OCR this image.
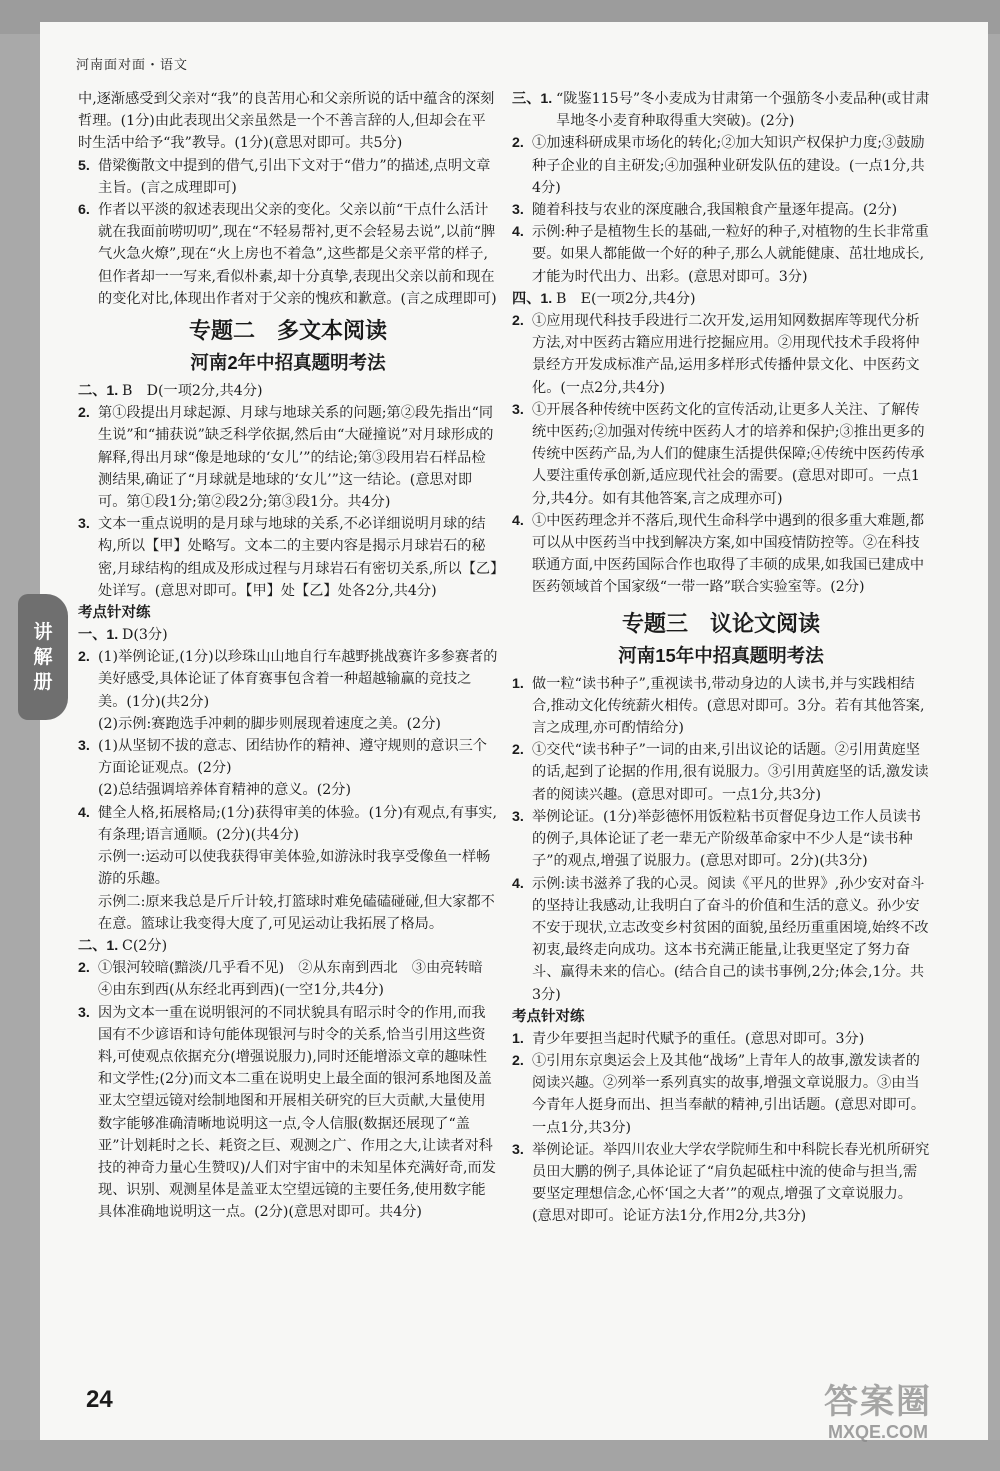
河南面对面・语文
讲
解
册

中,逐渐感受到父亲对“我”的良苦用心和父亲所说的话中蕴含的深刻哲理。(1分)由此表现出父亲虽然是一个不善言辞的人,但却会在平时生活中给予“我”教导。(1分)(意思对即可。共5分)

5. 借梁衡散文中提到的借气,引出下文对于“借力”的描述,点明文章主旨。(言之成理即可)
6. 作者以平淡的叙述表现出父亲的变化。父亲以前“干点什么活计就在我面前唠叨叨”,现在“不轻易帮衬,更不会轻易去说”,以前“脾气火急火燎”,现在“火上房也不着急”,这些都是父亲平常的样子,但作者却一一写来,看似朴素,却十分真挚,表现出父亲以前和现在的变化对比,体现出作者对于父亲的愧疚和歉意。(言之成理即可)
专题二　多文本阅读
河南2年中招真题明考法
二、1. B　D(一项2分,共4分)
2. 第①段提出月球起源、月球与地球关系的问题;第②段先指出“同生说”和“捕获说”缺乏科学依据,然后由“大碰撞说”对月球形成的解释,得出月球“像是地球的‘女儿’”的结论;第③段用岩石样品检测结果,确证了“月球就是地球的‘女儿’”这一结论。(意思对即可。第①段1分;第②段2分;第③段1分。共4分)
3. 文本一重点说明的是月球与地球的关系,不必详细说明月球的结构,所以【甲】处略写。文本二的主要内容是揭示月球岩石的秘密,月球结构的组成及形成过程与月球岩石有密切关系,所以【乙】处详写。(意思对即可。【甲】处【乙】处各2分,共4分)
考点针对练
一、1. D(3分)
2. (1)举例论证,(1分)以珍珠山山地自行车越野挑战赛许多参赛者的美好感受,具体论证了体育赛事包含着一种超越输赢的竞技之美。(1分)(共2分)
(2)示例:赛跑选手冲刺的脚步则展现着速度之美。(2分)
3. (1)从坚韧不拔的意志、团结协作的精神、遵守规则的意识三个方面论证观点。(2分)
(2)总结强调培养体育精神的意义。(2分)
4. 健全人格,拓展格局;(1分)获得审美的体验。(1分)有观点,有事实,有条理;语言通顺。(2分)(共4分)
示例一:运动可以使我获得审美体验,如游泳时我享受像鱼一样畅游的乐趣。
示例二:原来我总是斤斤计较,打篮球时难免磕磕碰碰,但大家都不在意。篮球让我变得大度了,可见运动让我拓展了格局。
二、1. C(2分)
2. ①银河较暗(黯淡/几乎看不见)　②从东南到西北　③由亮转暗　④由东到西(从东经北再到西)(一空1分,共4分)
3. 因为文本一重在说明银河的不同状貌具有昭示时令的作用,而我国有不少谚语和诗句能体现银河与时令的关系,恰当引用这些资料,可使观点依据充分(增强说服力),同时还能增添文章的趣味性和文学性;(2分)而文本二重在说明史上最全面的银河系地图及盖亚太空望远镜对绘制地图和开展相关研究的巨大贡献,大量使用数字能够准确清晰地说明这一点,令人信服(数据还展现了“盖亚”计划耗时之长、耗资之巨、观测之广、作用之大,让读者对科技的神奇力量心生赞叹)/人们对宇宙中的未知星体充满好奇,而发现、识别、观测星体是盖亚太空望远镜的主要任务,使用数字能具体准确地说明这一点。(2分)(意思对即可。共4分)
三、1. “陇鉴115号”冬小麦成为甘肃第一个强筋冬小麦品种(或甘肃旱地冬小麦育种取得重大突破)。(2分)
2. ①加速科研成果市场化的转化;②加大知识产权保护力度;③鼓励种子企业的自主研发;④加强种业研发队伍的建设。(一点1分,共4分)
3. 随着科技与农业的深度融合,我国粮食产量逐年提高。(2分)
4. 示例:种子是植物生长的基础,一粒好的种子,对植物的生长非常重要。如果人都能做一个好的种子,那么人就能健康、茁壮地成长,才能为时代出力、出彩。(意思对即可。3分)
四、1. B　E(一项2分,共4分)
2. ①应用现代科技手段进行二次开发,运用知网数据库等现代分析方法,对中医药古籍应用进行挖掘应用。②用现代技术手段将仲景经方开发成标准产品,运用多样形式传播仲景文化、中医药文化。(一点2分,共4分)
3. ①开展各种传统中医药文化的宣传活动,让更多人关注、了解传统中医药;②加强对传统中医药人才的培养和保护;③推出更多的传统中医药产品,为人们的健康生活提供保障;④传统中医药传承人要注重传承创新,适应现代社会的需要。(意思对即可。一点1分,共4分。如有其他答案,言之成理亦可)
4. ①中医药理念并不落后,现代生命科学中遇到的很多重大难题,都可以从中医药当中找到解决方案,如中国疫情防控等。②在科技联通方面,中医药国际合作也取得了丰硕的成果,如我国已建成中医药领域首个国家级“一带一路”联合实验室等。(2分)
专题三　议论文阅读
河南15年中招真题明考法
1. 做一粒“读书种子”,重视读书,带动身边的人读书,并与实践相结合,推动文化传统薪火相传。(意思对即可。3分。若有其他答案,言之成理,亦可酌情给分)
2. ①交代“读书种子”一词的由来,引出议论的话题。②引用黄庭坚的话,起到了论据的作用,很有说服力。③引用黄庭坚的话,激发读者的阅读兴趣。(意思对即可。一点1分,共3分)
3. 举例论证。(1分)举彭德怀用饭粒粘书页督促身边工作人员读书的例子,具体论证了老一辈无产阶级革命家中不少人是“读书种子”的观点,增强了说服力。(意思对即可。2分)(共3分)
4. 示例:读书滋养了我的心灵。阅读《平凡的世界》,孙少安对奋斗的坚持让我感动,让我明白了奋斗的价值和生活的意义。孙少安不安于现状,立志改变乡村贫困的面貌,虽经历重重困境,始终不改初衷,最终走向成功。这本书充满正能量,让我更坚定了努力奋斗、赢得未来的信心。(结合自己的读书事例,2分;体会,1分。共3分)
考点针对练
1. 青少年要担当起时代赋予的重任。(意思对即可。3分)
2. ①引用东京奥运会上及其他“战场”上青年人的故事,激发读者的阅读兴趣。②列举一系列真实的故事,增强文章说服力。③由当今青年人挺身而出、担当奉献的精神,引出话题。(意思对即可。一点1分,共3分)
3. 举例论证。举四川农业大学农学院师生和中科院长春光机所研究员田大鹏的例子,具体论证了“肩负起砥柱中流的使命与担当,需要坚定理想信念,心怀‘国之大者’”的观点,增强了文章说服力。(意思对即可。论证方法1分,作用2分,共3分)
24	答案圈
MXQE.COM
